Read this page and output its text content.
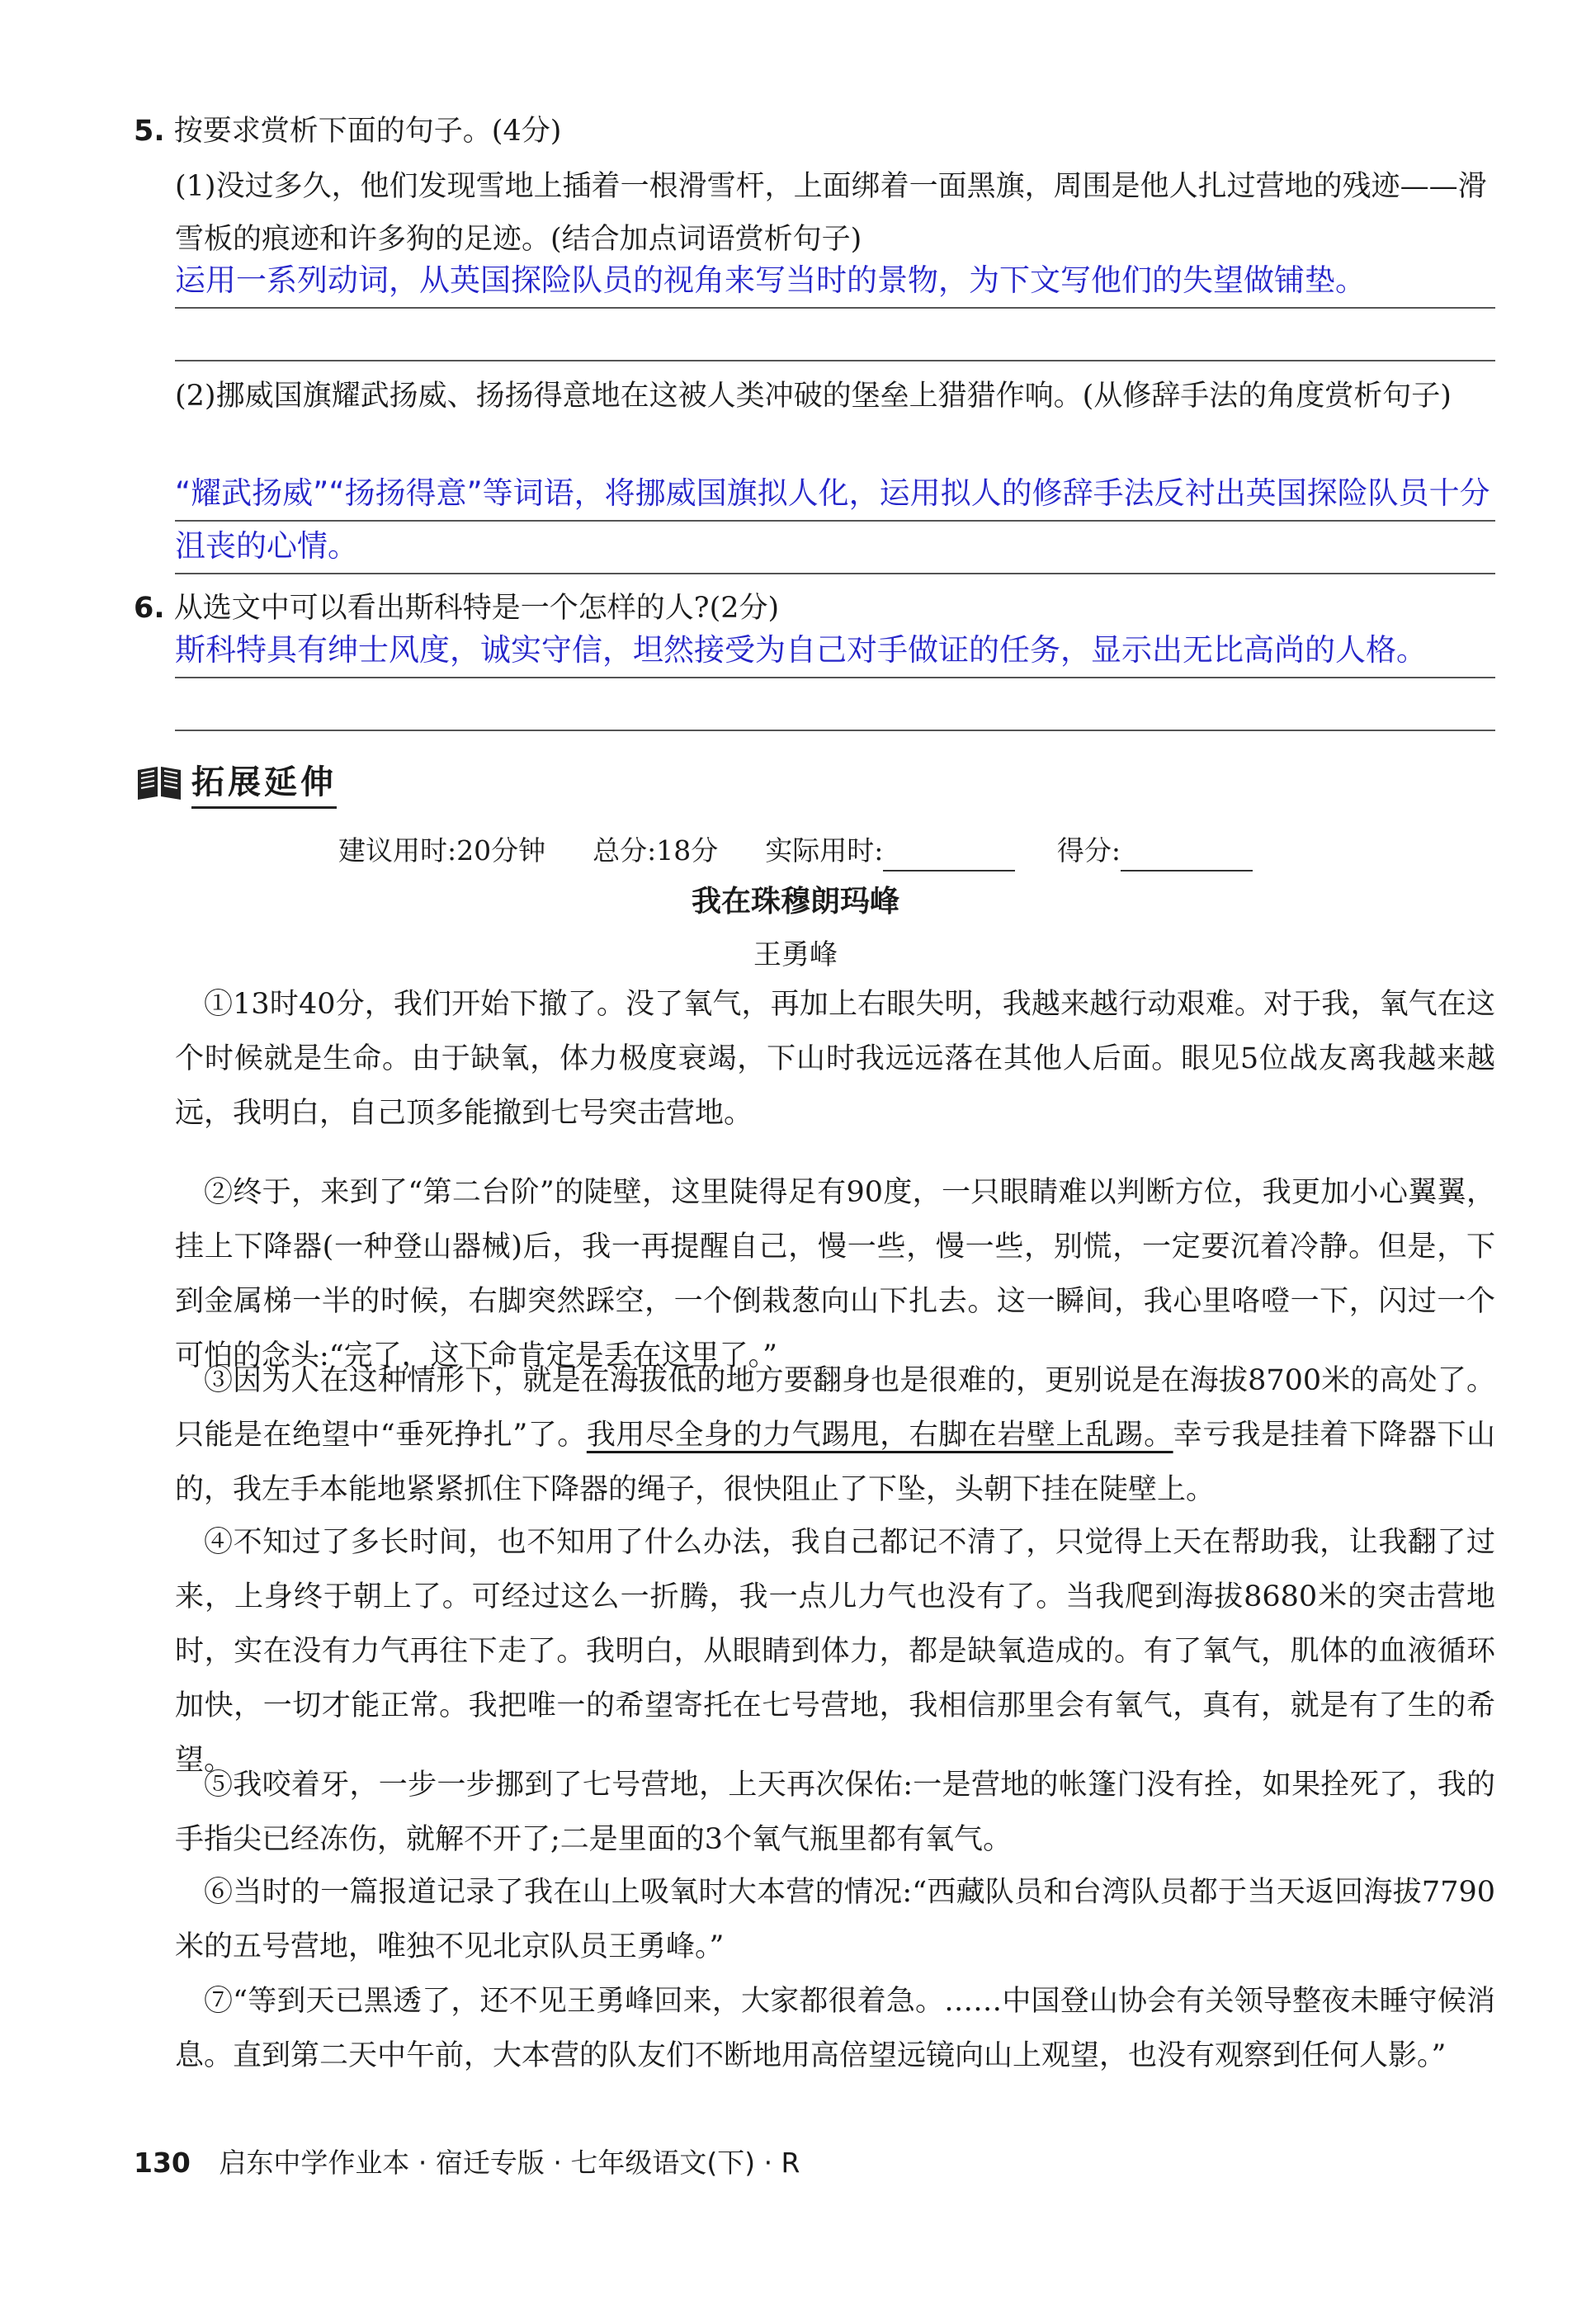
5. 按要求赏析下面的句子。(4分)
(1)没过多久，他们发现雪地上插着一根滑雪杆，上面绑着一面黑旗，周围是他人扎过营地的残迹——滑雪板的痕迹和许多狗的足迹。(结合加点词语赏析句子)
运用一系列动词，从英国探险队员的视角来写当时的景物，为下文写他们的失望做铺垫。
(2)挪威国旗耀武扬威、扬扬得意地在这被人类冲破的堡垒上猎猎作响。(从修辞手法的角度赏析句子)
“耀武扬威”“扬扬得意”等词语，将挪威国旗拟人化，运用拟人的修辞手法反衬出英国探险队员十分沮丧的心情。
6. 从选文中可以看出斯科特是一个怎样的人?(2分)
斯科特具有绅士风度，诚实守信，坦然接受为自己对手做证的任务，显示出无比高尚的人格。
拓展延伸
建议用时:20分钟 总分:18分 实际用时:	得分:
我在珠穆朗玛峰
王勇峰
①13时40分，我们开始下撤了。没了氧气，再加上右眼失明，我越来越行动艰难。对于我，氧气在这个时候就是生命。由于缺氧，体力极度衰竭，下山时我远远落在其他人后面。眼见5位战友离我越来越远，我明白，自己顶多能撤到七号突击营地。
②终于，来到了“第二台阶”的陡壁，这里陡得足有90度，一只眼睛难以判断方位，我更加小心翼翼，挂上下降器(一种登山器械)后，我一再提醒自己，慢一些，慢一些，别慌，一定要沉着冷静。但是，下到金属梯一半的时候，右脚突然踩空，一个倒栽葱向山下扎去。这一瞬间，我心里咯噔一下，闪过一个可怕的念头:“完了，这下命肯定是丢在这里了。”
③因为人在这种情形下，就是在海拔低的地方要翻身也是很难的，更别说是在海拔8700米的高处了。只能是在绝望中“垂死挣扎”了。我用尽全身的力气踢甩，右脚在岩壁上乱踢。幸亏我是挂着下降器下山的，我左手本能地紧紧抓住下降器的绳子，很快阻止了下坠，头朝下挂在陡壁上。
④不知过了多长时间，也不知用了什么办法，我自己都记不清了，只觉得上天在帮助我，让我翻了过来，上身终于朝上了。可经过这么一折腾，我一点儿力气也没有了。当我爬到海拔8680米的突击营地时，实在没有力气再往下走了。我明白，从眼睛到体力，都是缺氧造成的。有了氧气，肌体的血液循环加快，一切才能正常。我把唯一的希望寄托在七号营地，我相信那里会有氧气，真有，就是有了生的希望。
⑤我咬着牙，一步一步挪到了七号营地，上天再次保佑:一是营地的帐篷门没有拴，如果拴死了，我的手指尖已经冻伤，就解不开了;二是里面的3个氧气瓶里都有氧气。
⑥当时的一篇报道记录了我在山上吸氧时大本营的情况:“西藏队员和台湾队员都于当天返回海拔7790米的五号营地，唯独不见北京队员王勇峰。”
⑦“等到天已黑透了，还不见王勇峰回来，大家都很着急。……中国登山协会有关领导整夜未睡守候消息。直到第二天中午前，大本营的队友们不断地用高倍望远镜向山上观望，也没有观察到任何人影。”
130 启东中学作业本 · 宿迁专版 · 七年级语文(下) · R
